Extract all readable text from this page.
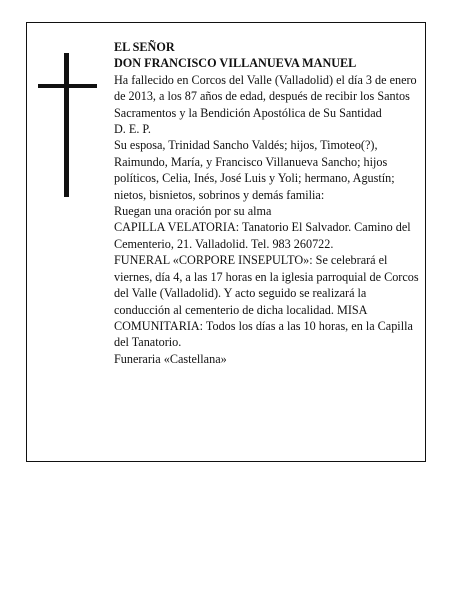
EL SEÑOR
DON FRANCISCO VILLANUEVA MANUEL
Ha fallecido en Corcos del Valle (Valladolid) el día 3 de enero de 2013, a los 87 años de edad, después de recibir los Santos Sacramentos y la Bendición Apostólica de Su Santidad
D. E. P.
Su esposa, Trinidad Sancho Valdés; hijos, Timoteo(?), Raimundo, María, y Francisco Villanueva Sancho; hijos políticos, Celia, Inés, José Luis y Yoli; hermano, Agustín; nietos, bisnietos, sobrinos y demás familia:
Ruegan una oración por su alma
CAPILLA VELATORIA: Tanatorio El Salvador. Camino del Cementerio, 21. Valladolid. Tel. 983 260722.
FUNERAL «CORPORE INSEPULTO»: Se celebrará el viernes, día 4, a las 17 horas en la iglesia parroquial de Corcos del Valle (Valladolid). Y acto seguido se realizará la conducción al cementerio de dicha localidad. MISA COMUNITARIA: Todos los días a las 10 horas, en la Capilla del Tanatorio.
Funeraria «Castellana»
